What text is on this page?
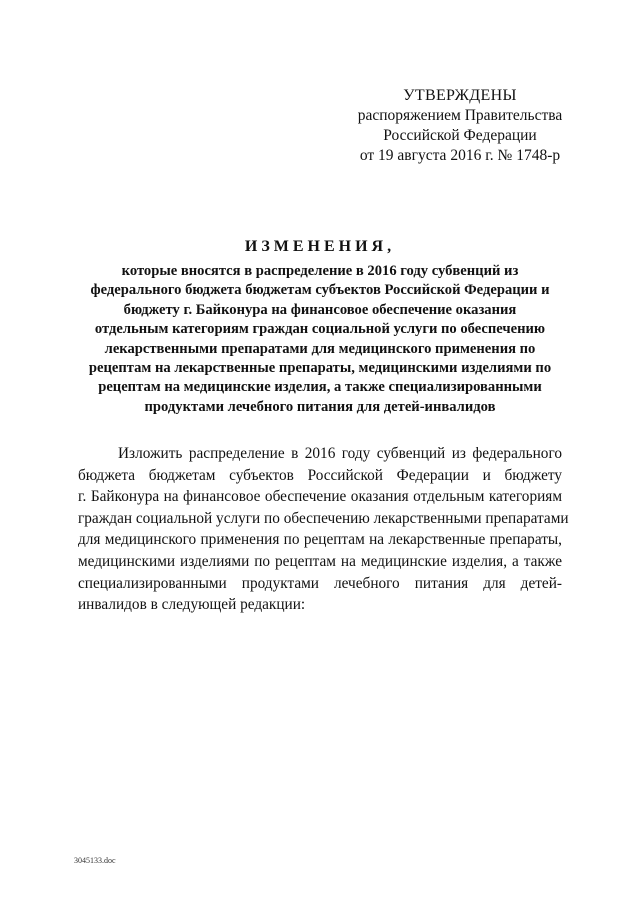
УТВЕРЖДЕНЫ
распоряжением Правительства
Российской Федерации
от 19 августа 2016 г. № 1748-р
ИЗМЕНЕНИЯ,
которые вносятся в распределение в 2016 году субвенций из
федерального бюджета бюджетам субъектов Российской Федерации и
бюджету г. Байконура на финансовое обеспечение оказания
отдельным категориям граждан социальной услуги по обеспечению
лекарственными препаратами для медицинского применения по
рецептам на лекарственные препараты, медицинскими изделиями по
рецептам на медицинские изделия, а также специализированными
продуктами лечебного питания для детей-инвалидов
Изложить распределение в 2016 году субвенций из федерального
бюджета бюджетам субъектов Российской Федерации и бюджету
г. Байконура на финансовое обеспечение оказания отдельным категориям
граждан социальной услуги по обеспечению лекарственными препаратами
для медицинского применения по рецептам на лекарственные препараты,
медицинскими изделиями по рецептам на медицинские изделия, а также
специализированными продуктами лечебного питания для детей-
инвалидов в следующей редакции:
3045133.doc
